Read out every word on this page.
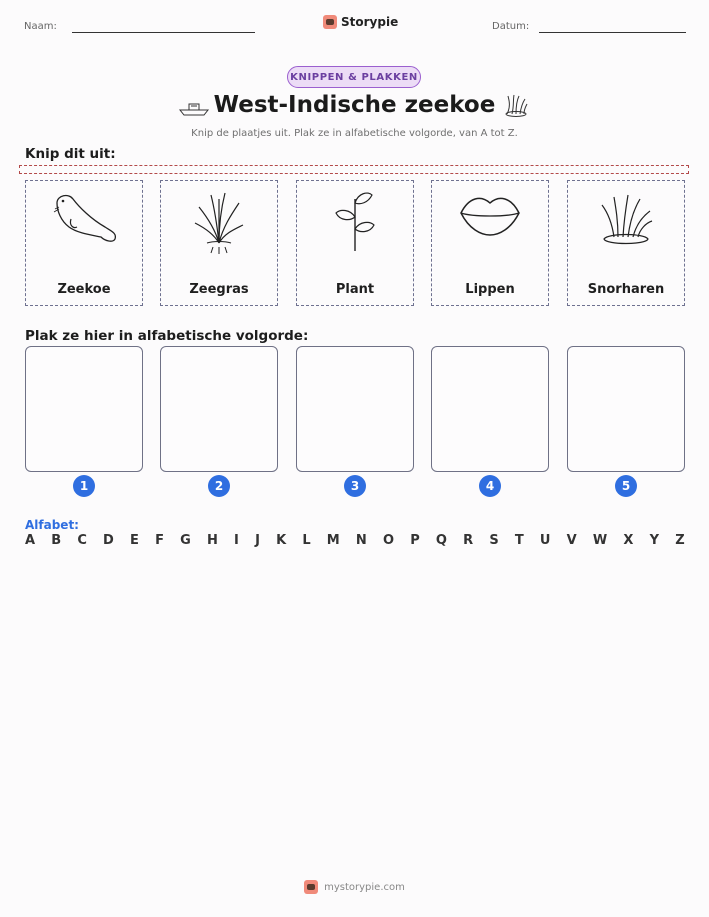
Naam:	Storypie	Datum:
KNIPPEN & PLAKKEN
West-Indische zeekoe
Knip de plaatjes uit. Plak ze in alfabetische volgorde, van A tot Z.
Knip dit uit:
Zeekoe	Zeegras	Plant	Lippen	Snorharen
Plak ze hier in alfabetische volgorde:
1	2	3	4	5
Alfabet:
A B C D E F G H I J K L M N O P Q R S T U V W X Y Z
mystorypie.com
